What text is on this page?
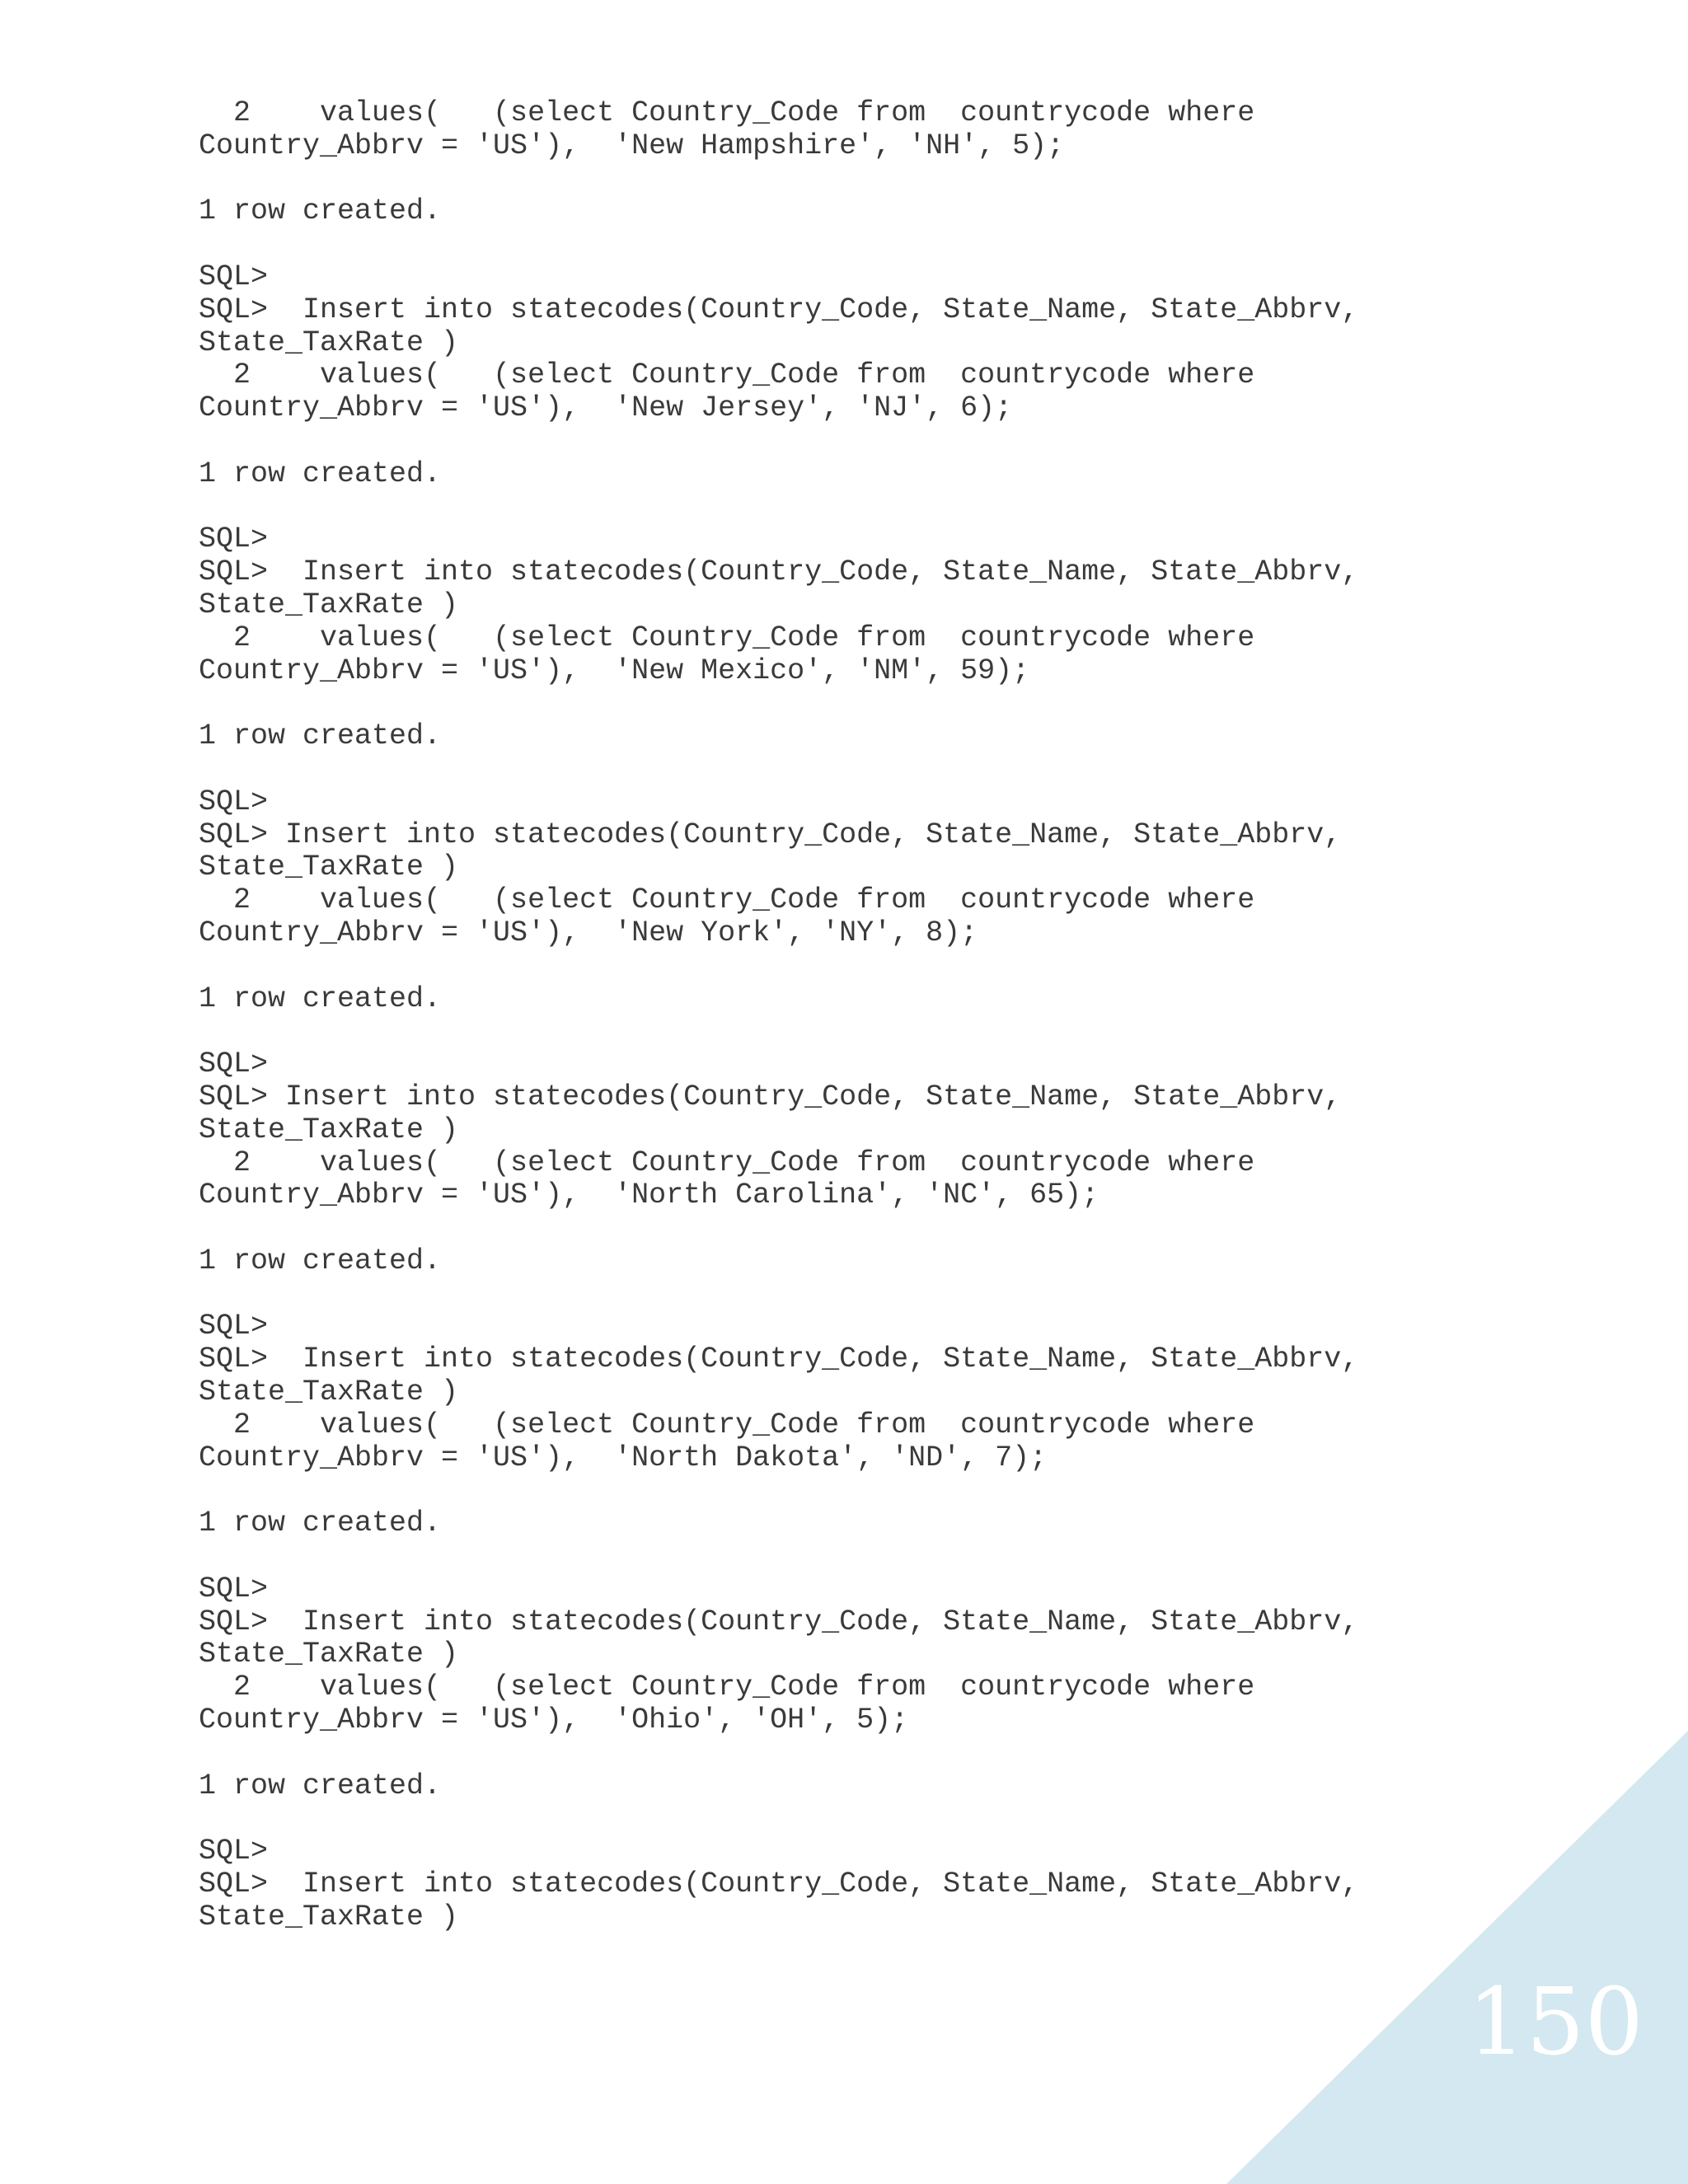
2    values(   (select Country_Code from  countrycode where
Country_Abbrv = 'US'),  'New Hampshire', 'NH', 5);
1 row created.
SQL>
SQL>  Insert into statecodes(Country_Code, State_Name, State_Abbrv,
State_TaxRate )
2    values(   (select Country_Code from  countrycode where
Country_Abbrv = 'US'),  'New Jersey', 'NJ', 6);
1 row created.
SQL>
SQL>  Insert into statecodes(Country_Code, State_Name, State_Abbrv,
State_TaxRate )
2    values(   (select Country_Code from  countrycode where
Country_Abbrv = 'US'),  'New Mexico', 'NM', 59);
1 row created.
SQL>
SQL> Insert into statecodes(Country_Code, State_Name, State_Abbrv,
State_TaxRate )
2    values(   (select Country_Code from  countrycode where
Country_Abbrv = 'US'),  'New York', 'NY', 8);
1 row created.
SQL>
SQL> Insert into statecodes(Country_Code, State_Name, State_Abbrv,
State_TaxRate )
2    values(   (select Country_Code from  countrycode where
Country_Abbrv = 'US'),  'North Carolina', 'NC', 65);
1 row created.
SQL>
SQL>  Insert into statecodes(Country_Code, State_Name, State_Abbrv,
State_TaxRate )
2    values(   (select Country_Code from  countrycode where
Country_Abbrv = 'US'),  'North Dakota', 'ND', 7);
1 row created.
SQL>
SQL>  Insert into statecodes(Country_Code, State_Name, State_Abbrv,
State_TaxRate )
2    values(   (select Country_Code from  countrycode where
Country_Abbrv = 'US'),  'Ohio', 'OH', 5);
1 row created.
SQL>
SQL>  Insert into statecodes(Country_Code, State_Name, State_Abbrv,
State_TaxRate )
150
